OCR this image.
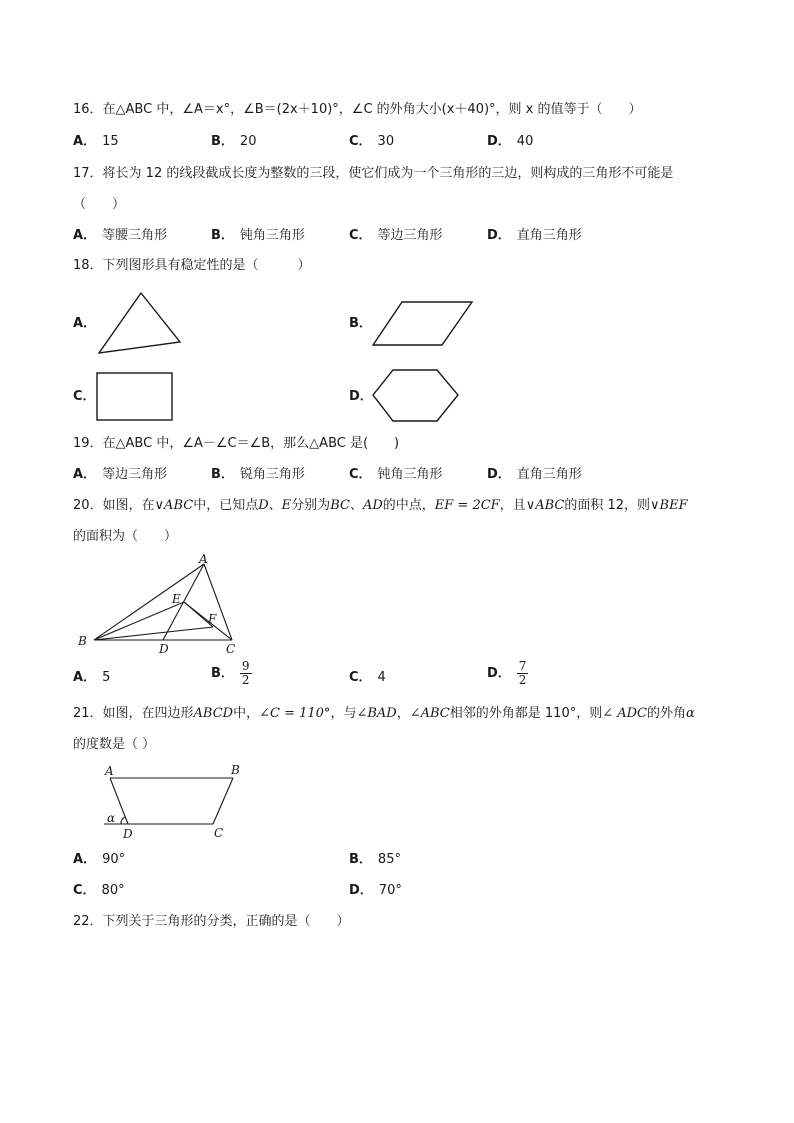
16．在△ABC 中，∠A＝x°，∠B＝(2x＋10)°，∠C 的外角大小(x＋40)°，则 x 的值等于（　　）
A． 15	B． 20	C． 30	D． 40
17．将长为 12 的线段截成长度为整数的三段，使它们成为一个三角形的三边，则构成的三角形不可能是
（　　）
A． 等腰三角形	B． 钝角三角形	C． 等边三角形	D． 直角三角形
18．下列图形具有稳定性的是（　　　）
A．	B．
C．	D．
19．在△ABC 中，∠A－∠C＝∠B，那么△ABC 是(　　)
A． 等边三角形	B． 锐角三角形	C． 钝角三角形	D． 直角三角形
20．如图，在∨ABC中，已知点D、E分别为BC、AD的中点，EF = 2CF，且∨ABC的面积 12，则∨BEF
的面积为（　　）
A
B
C
D
E
F
A． 5	B． $\frac{9}{2}$	C． 4	D． $\frac{7}{2}$
21．如图，在四边形ABCD中，∠C = 110°，与∠BAD，∠ABC相邻的外角都是 110°，则∠ ADC的外角α
的度数是（ ）
A	B
C
D
α
A． 90°	B． 85°
C． 80°	D． 70°
22．下列关于三角形的分类，正确的是（　　）
